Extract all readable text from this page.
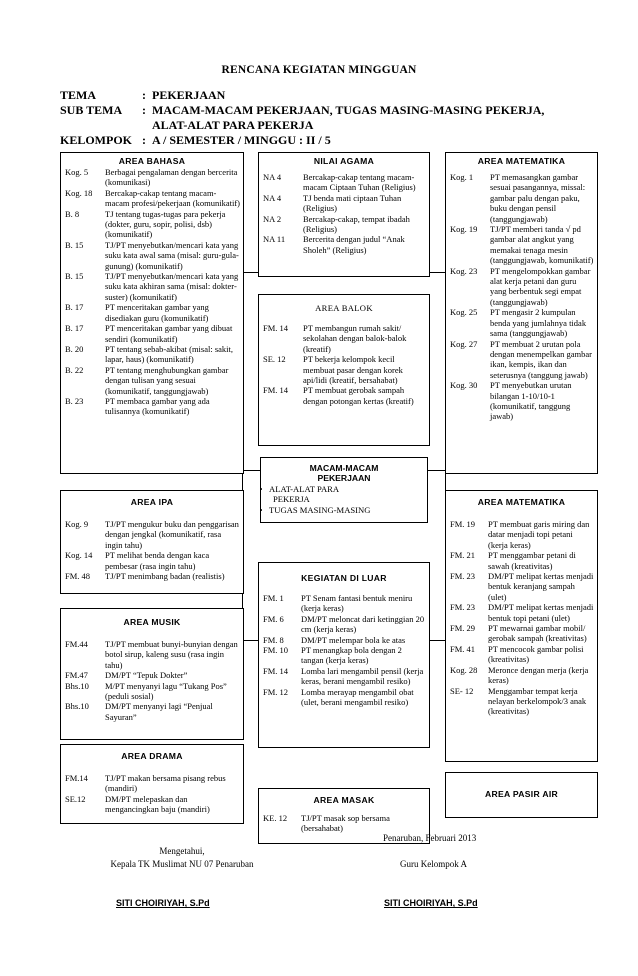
RENCANA KEGIATAN MINGGUAN
TEMA	: PEKERJAAN
SUB TEMA : MACAM-MACAM PEKERJAAN, TUGAS MASING-MASING PEKERJA,
ALAT-ALAT PARA PEKERJA
KELOMPOK : A / SEMESTER / MINGGU : II / 5
AREA BAHASA
Kog. 5	Berbagai pengalaman dengan bercerita (komunikasi)
Kog. 18	Bercakap-cakap tentang macam-macam profesi/pekerjaan (komunikatif)
B. 8	TJ tentang tugas-tugas para pekerja (dokter, guru, sopir, polisi, dsb) (komunikatif)
B. 15	TJ/PT menyebutkan/mencari kata yang suku kata awal sama (misal: guru-gula-gunung) (komunikatif)
B. 15	TJ/PT menyebutkan/mencari kata yang suku kata akhiran sama (misal: dokter-suster) (komunikatif)
B. 17	PT menceritakan gambar yang disediakan guru (komunikatif)
B. 17	PT menceritakan gambar yang dibuat sendiri (komunikatif)
B. 20	PT tentang sebab-akibat (misal: sakit, lapar, haus) (komunikatif)
B. 22	PT tentang menghubungkan gambar dengan tulisan yang sesuai (komunikatif, tanggungjawab)
B. 23	PT membaca gambar yang ada tulisannya (komunikatif)
NILAI AGAMA
NA 4	Bercakap-cakap tentang macam-macam Ciptaan Tuhan (Religius)
NA 4	TJ benda mati ciptaan Tuhan (Religius)
NA 2	Bercakap-cakap, tempat ibadah (Religius)
NA 11	Bercerita dengan judul “Anak Sholeh” (Religius)
AREA MATEMATIKA
Kog. 1	PT memasangkan gambar sesuai pasangannya, missal: gambar palu dengan paku, buku dengan pensil (tanggungjawab)
Kog. 19	TJ/PT memberi tanda √ pd gambar alat angkut yang memakai tenaga mesin (tanggungjawab, komunikatif)
Kog. 23	PT mengelompokkan gambar alat kerja petani dan guru yang berbentuk segi empat (tanggungjawab)
Kog. 25	PT mengasir 2 kumpulan benda yang jumlahnya tidak sama (tanggungjawab)
Kog. 27	PT membuat 2 urutan pola dengan menempelkan gambar ikan, kempis, ikan dan seterusnya (tanggung jawab)
Kog. 30	PT menyebutkan urutan bilangan 1-10/10-1 (komunikatif, tanggung jawab)
AREA BALOK
FM. 14	PT membangun rumah sakit/ sekolahan dengan balok-balok (kreatif)
SE. 12	PT bekerja kelompok kecil membuat pasar dengan korek api/lidi (kreatif, bersahabat)
FM. 14	PT membuat gerobak sampah dengan potongan kertas (kreatif)
MACAM-MACAM
PEKERJAAN
• ALAT-ALAT PARA
PEKERJA
• TUGAS MASING-MASING
AREA IPA
Kog. 9	TJ/PT mengukur buku dan penggarisan dengan jengkal (komunikatif, rasa ingin tahu)
Kog. 14	PT melihat benda dengan kaca pembesar (rasa ingin tahu)
FM. 48	TJ/PT menimbang badan (realistis)
AREA MATEMATIKA
FM. 19	PT membuat garis miring dan datar menjadi topi petani (kerja keras)
FM. 21	PT menggambar petani di sawah (kreativitas)
FM. 23	DM/PT melipat kertas menjadi bentuk keranjang sampah (ulet)
FM. 23	DM/PT melipat kertas menjadi bentuk topi petani (ulet)
FM. 29	PT mewarnai gambar mobil/ gerobak sampah (kreativitas)
FM. 41	PT mencocok gambar polisi (kreativitas)
Kog. 28	Meronce dengan merja (kerja keras)
SE- 12	Menggambar tempat kerja nelayan berkelompok/3 anak (kreativitas)
KEGIATAN DI LUAR
FM. 1	PT Senam fantasi bentuk meniru (kerja keras)
FM. 6	DM/PT meloncat dari ketinggian 20 cm (kerja keras)
FM. 8	DM/PT melempar bola ke atas
FM. 10	PT menangkap bola dengan 2 tangan (kerja keras)
FM. 14	Lomba lari mengambil pensil (kerja keras, berani mengambil resiko)
FM. 12	Lomba merayap mengambil obat (ulet, berani mengambil resiko)
AREA MUSIK
FM.44	TJ/PT membuat bunyi-bunyian dengan botol sirup, kaleng susu (rasa ingin tahu)
FM.47	DM/PT “Tepuk Dokter”
Bhs.10	M/PT menyanyi lagu “Tukang Pos” (peduli sosial)
Bhs.10	DM/PT menyanyi lagi “Penjual Sayuran”
AREA DRAMA
FM.14	TJ/PT makan bersama pisang rebus (mandiri)
SE.12	DM/PT melepaskan dan mengancingkan baju (mandiri)
AREA MASAK
KE. 12	TJ/PT masak sop bersama (bersahabat)
AREA PASIR AIR
Penaruban, Februari 2013
Mengetahui,
Kepala TK Muslimat NU 07 Penaruban	Guru Kelompok A
SITI CHOIRIYAH, S.Pd	SITI CHOIRIYAH, S.Pd
